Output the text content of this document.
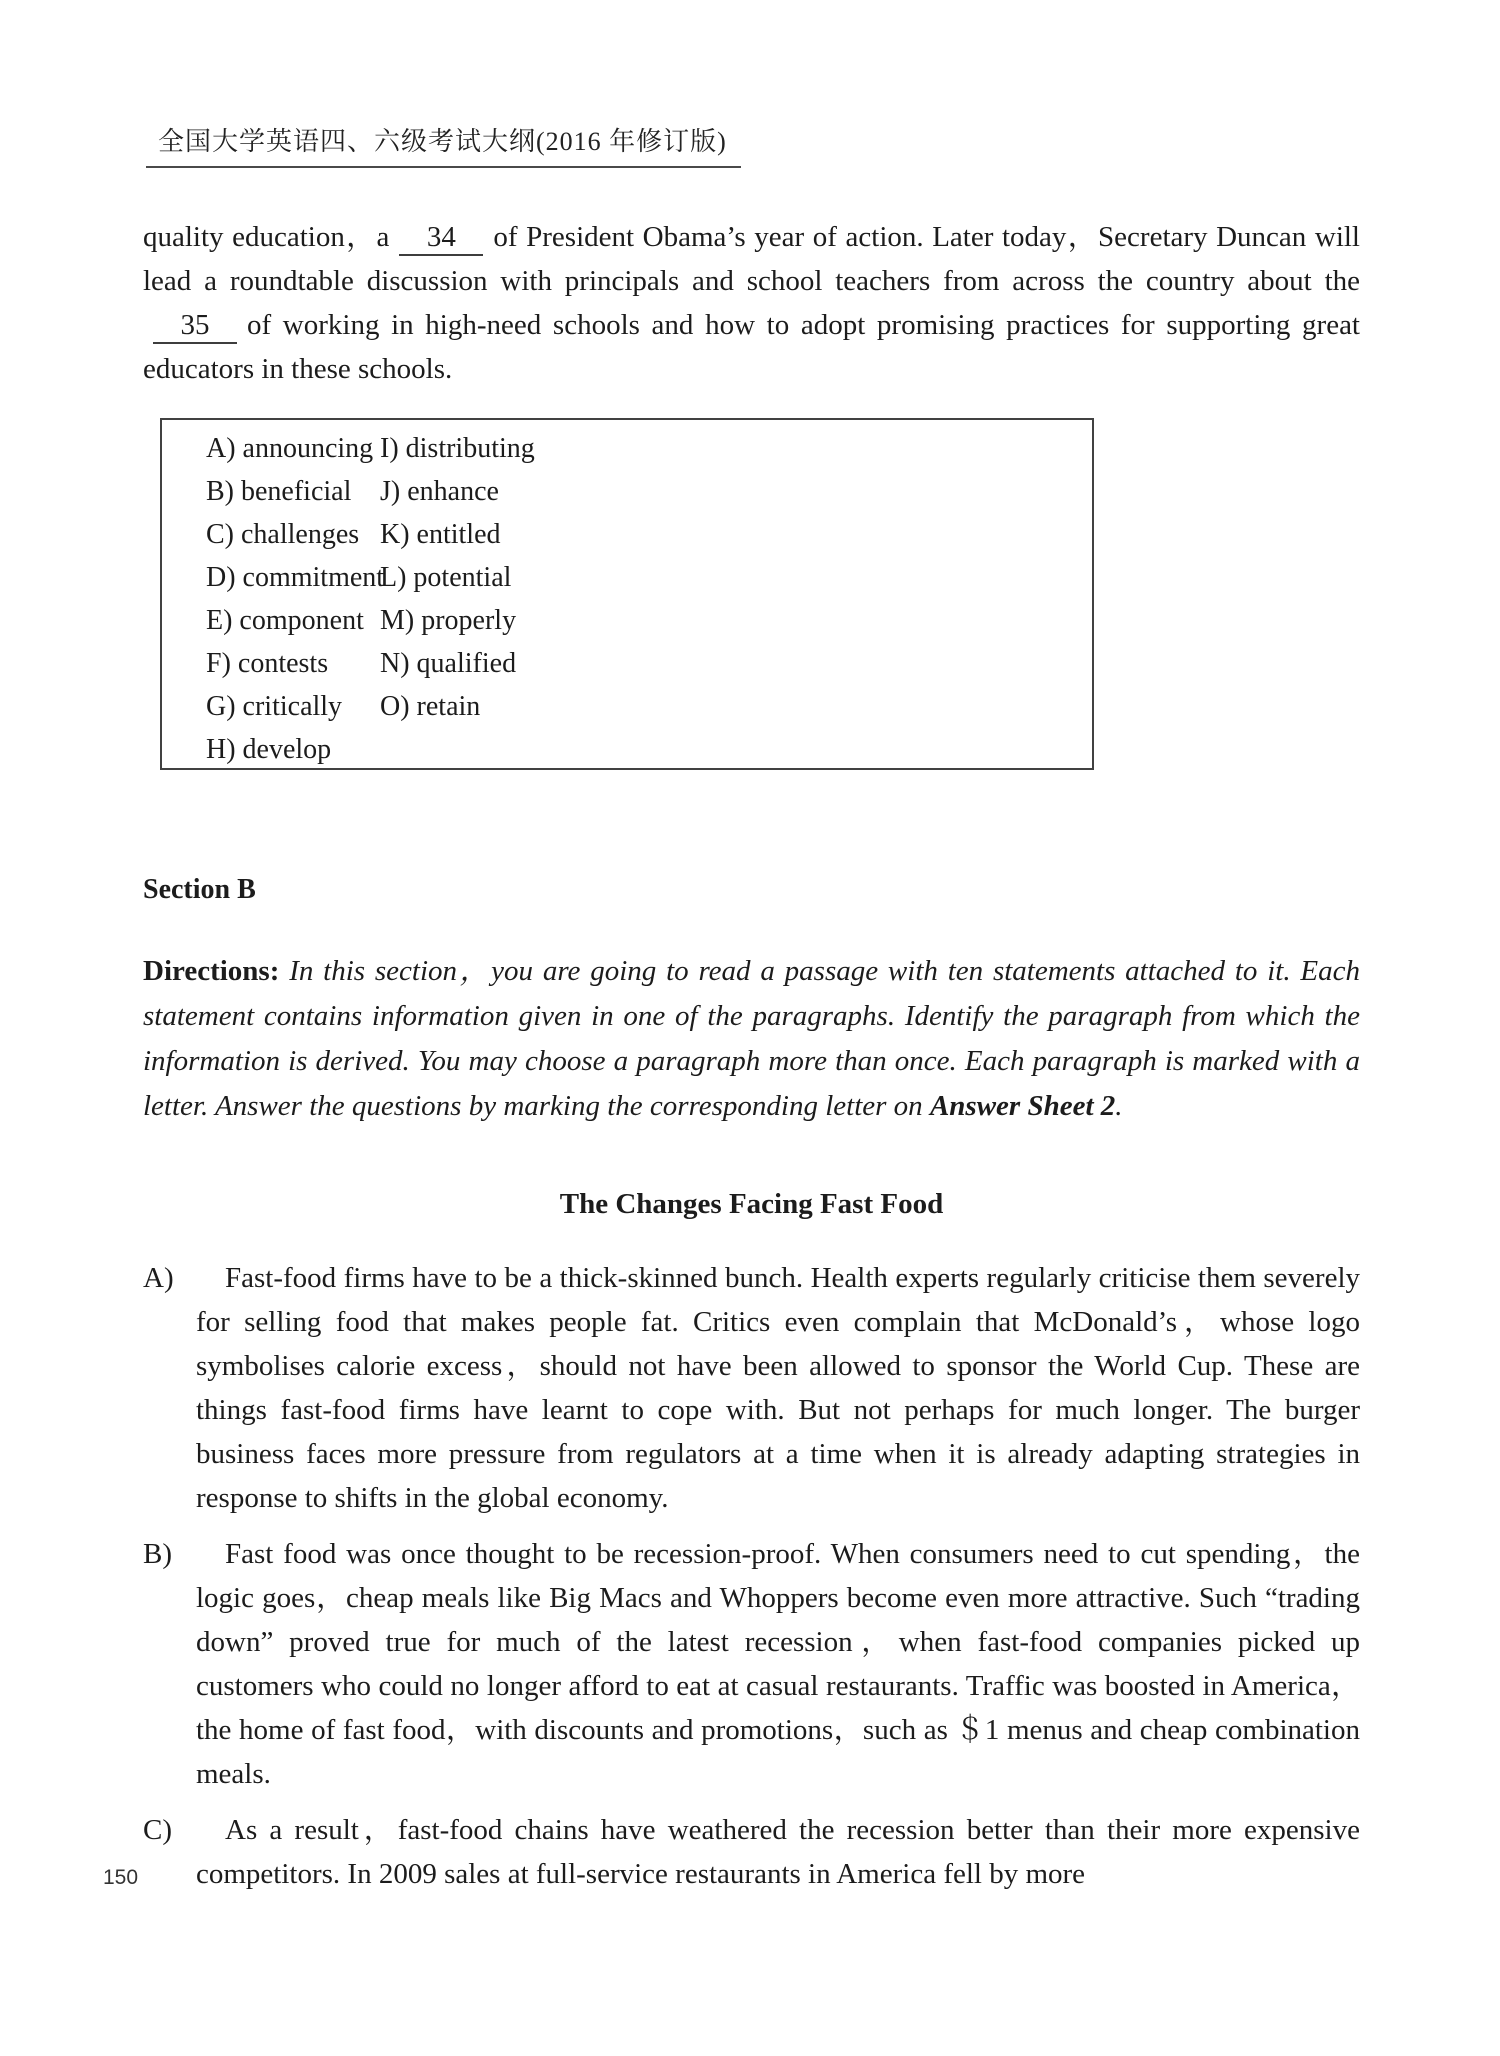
全国大学英语四、六级考试大纲(2016 年修订版)

quality education，a 34 of President Obama’s year of action. Later today，Secretary Duncan will lead a roundtable discussion with principals and school teachers from across the country about the35 of working in high-need schools and how to adopt promising practices for supporting great educators in these schools.

A) announcing
B) beneficial
C) challenges
D) commitment
E) component
F) contests
G) critically
H) develop
I) distributing
J) enhance
K) entitled
L) potential
M) properly
N) qualified
O) retain
Section B

Directions: In this section，you are going to read a passage with ten statements attached to it. Each statement contains information given in one of the paragraphs. Identify the paragraph from which the information is derived. You may choose a paragraph more than once. Each paragraph is marked with a letter. Answer the questions by marking the corresponding letter on Answer Sheet 2.

The Changes Facing Fast Food

A) Fast-food firms have to be a thick-skinned bunch. Health experts regularly criticise them severely for selling food that makes people fat. Critics even complain that McDonald’s，whose logo symbolises calorie excess，should not have been allowed to sponsor the World Cup. These are things fast-food firms have learnt to cope with. But not perhaps for much longer. The burger business faces more pressure from regulators at a time when it is already adapting strategies in response to shifts in the global economy.

B) Fast food was once thought to be recession-proof. When consumers need to cut spending，the logic goes，cheap meals like Big Macs and Whoppers become even more attractive. Such “trading down” proved true for much of the latest recession，when fast-food companies picked up customers who could no longer afford to eat at casual restaurants. Traffic was boosted in America，the home of fast food，with discounts and promotions，such as ＄1 menus and cheap combination meals.

C) As a result，fast-food chains have weathered the recession better than their more expensive competitors. In 2009 sales at full-service restaurants in America fell by more

150
